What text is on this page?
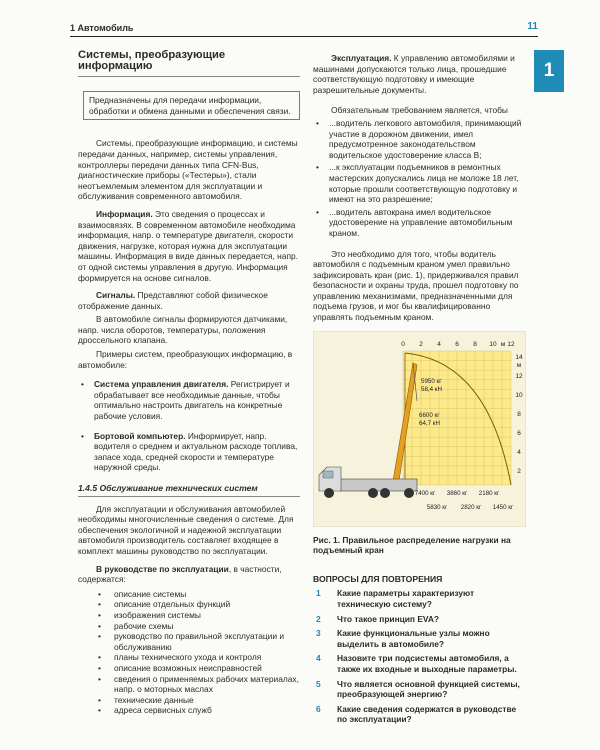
1 Автомобиль	11
1
Системы, преобразующие информацию
Предназначены для передачи информации, обработки и обмена данными и обеспечения связи.

Системы, преобразующие информацию, и системы передачи данных, например, системы управления, контроллеры передачи данных типа CFN-Bus, диагностические приборы («Тестеры»), стали неотъемлемым элементом для эксплуатации и обслуживания современного автомобиля.

Информация. Это сведения о процессах и взаимосвязях. В современном автомобиле необходима информация, напр. о температуре двигателя, скорости движения, нагрузке, которая нужна для эксплуатации машины. Информация в виде данных передается, напр. от одной системы управления в другую. Информация формируется на основе сигналов.

Сигналы. Представляют собой физическое отображение данных.

В автомобиле сигналы формируются датчиками, напр. числа оборотов, температуры, положения дроссельного клапана.

Примеры систем, преобразующих информацию, в автомобиле:

• Система управления двигателя. Регистрирует и обрабатывает все необходимые данные, чтобы оптимально настроить двигатель на конкретные рабочие условия.
• Бортовой компьютер. Информирует, напр. водителя о среднем и актуальном расходе топлива, запасе хода, средней скорости и температуре наружной среды.
1.4.5 Обслуживание технических систем

Для эксплуатации и обслуживания автомобилей необходимы многочисленные сведения о системе. Для обеспечения экологичной и надежной эксплуатации автомобиля производитель составляет входящее в комплект машины руководство по эксплуатации.

В руководстве по эксплуатации, в частности, содержатся:

• описание системы
• описание отдельных функций
• изображения системы
• рабочие схемы
• руководство по правильной эксплуатации и обслуживанию
• планы технического ухода и контроля
• описание возможных неисправностей
• сведения о применяемых рабочих материалах, напр. о моторных маслах
• технические данные
• адреса сервисных служб

Эксплуатация. К управлению автомобилями и машинами допускаются только лица, прошедшие соответствующую подготовку и имеющие разрешительные документы.

Обязательным требованием является, чтобы

• ...водитель легкового автомобиля, принимающий участие в дорожном движении, имел предусмотренное законодательством водительское удостоверение класса B;
• ...к эксплуатации подъемников в ремонтных мастерских допускались лица не моложе 18 лет, которые прошли соответствующую подготовку и имеют на это разрешение;
• ...водитель автокрана имел водительское удостоверение на управление автомобильным краном.

Это необходимо для того, чтобы водитель автомобиля с подъемным краном умел правильно зафиксировать кран (рис. 1), придерживался правил безопасности и охраны труда, прошел подготовку по управлению механизмами, предназначенными для подъема грузов, и мог бы квалифицированно управлять подъемным краном.

0 2 4 6 8 10 м 12
14
м
12
10
8
6
4
2
5950 кг
58,4 кН
6600 кг
64,7 кН
7400 кг 3860 кг 2180 кг
5830 кг 2820 кг 1450 кг
Рис. 1. Правильное распределение нагрузки на подъемный кран
ВОПРОСЫ ДЛЯ ПОВТОРЕНИЯ
1 Какие параметры характеризуют техническую систему?
2 Что такое принцип EVA?
3 Какие функциональные узлы можно выделить в автомобиле?
4 Назовите три подсистемы автомобиля, а также их входные и выходные параметры.
5 Что является основной функцией системы, преобразующей энергию?
6 Какие сведения содержатся в руководстве по эксплуатации?
